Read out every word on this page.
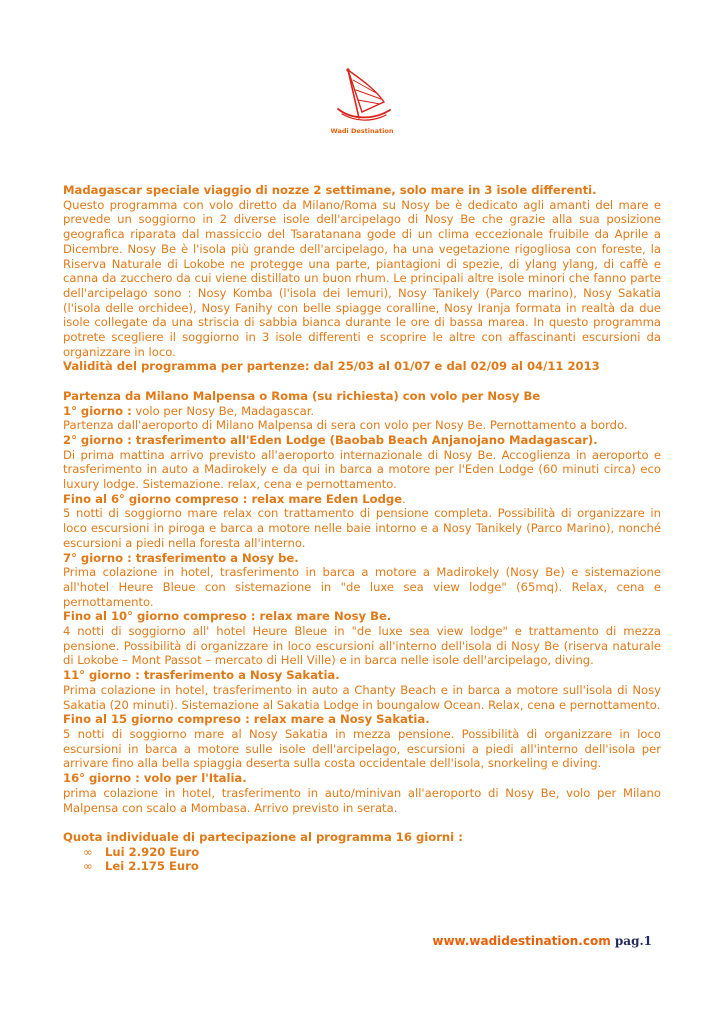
Wadi Destination

Madagascar speciale viaggio di nozze 2 settimane, solo mare in 3 isole differenti.

Questo programma con volo diretto da Milano/Roma su Nosy be è dedicato agli amanti del mare e prevede un soggiorno in 2 diverse isole dell'arcipelago di Nosy Be che grazie alla sua posizione geografica riparata dal massiccio del Tsaratanana gode di un clima eccezionale fruibile da Aprile a Dicembre. Nosy Be è l'isola più grande dell'arcipelago, ha una vegetazione rigogliosa con foreste, la Riserva Naturale di Lokobe ne protegge una parte, piantagioni di spezie, di ylang ylang, di caffè e canna da zucchero da cui viene distillato un buon rhum. Le principali altre isole minori che fanno parte dell'arcipelago sono : Nosy Komba (l'isola dei lemuri), Nosy Tanikely (Parco marino), Nosy Sakatia (l'isola delle orchidee), Nosy Fanihy con belle spiagge coralline, Nosy Iranja formata in realtà da due isole collegate da una striscia di sabbia bianca durante le ore di bassa marea. In questo programma potrete scegliere il soggiorno in 3 isole differenti e scoprire le altre con affascinanti escursioni da organizzare in loco.

Validità del programma per partenze: dal 25/03 al 01/07 e dal 02/09 al 04/11 2013

Partenza da Milano Malpensa o Roma (su richiesta) con volo per Nosy Be

1° giorno : volo per Nosy Be, Madagascar.

Partenza dall'aeroporto di Milano Malpensa di sera con volo per Nosy Be. Pernottamento a bordo.

2° giorno : trasferimento all'Eden Lodge (Baobab Beach Anjanojano Madagascar).

Di prima mattina arrivo previsto all'aeroporto internazionale di Nosy Be. Accoglienza in aeroporto e trasferimento in auto a Madirokely e da qui in barca a motore per l'Eden Lodge (60 minuti circa) eco luxury lodge. Sistemazione. relax, cena e pernottamento.

Fino al 6° giorno compreso : relax mare Eden Lodge.

5 notti di soggiorno mare relax con trattamento di pensione completa. Possibilità di organizzare in loco escursioni in piroga e barca a motore nelle baie intorno e a Nosy Tanikely (Parco Marino), nonché escursioni a piedi nella foresta all'interno.

7° giorno : trasferimento a Nosy be.

Prima colazione in hotel, trasferimento in barca a motore a Madirokely (Nosy Be) e sistemazione all'hotel Heure Bleue con sistemazione in "de luxe sea view lodge" (65mq). Relax, cena e pernottamento.

Fino al 10° giorno compreso : relax mare Nosy Be.

4 notti di soggiorno all' hotel Heure Bleue in "de luxe sea view lodge" e trattamento di mezza pensione. Possibilità di organizzare in loco escursioni all'interno dell'isola di Nosy Be (riserva naturale di Lokobe – Mont Passot – mercato di Hell Ville) e in barca nelle isole dell'arcipelago, diving.

11° giorno : trasferimento a Nosy Sakatia.

Prima colazione in hotel, trasferimento in auto a Chanty Beach e in barca a motore sull'isola di Nosy Sakatia (20 minuti). Sistemazione al Sakatia Lodge in boungalow Ocean. Relax, cena e pernottamento.

Fino al 15 giorno compreso : relax mare a Nosy Sakatia.

5 notti di soggiorno mare al Nosy Sakatia in mezza pensione. Possibilità di organizzare in loco escursioni in barca a motore sulle isole dell'arcipelago, escursioni a piedi all'interno dell'isola per arrivare fino alla bella spiaggia deserta sulla costa occidentale dell'isola, snorkeling e diving.

16° giorno : volo per l'Italia.

prima colazione in hotel, trasferimento in auto/minivan all'aeroporto di Nosy Be, volo per Milano Malpensa con scalo a Mombasa. Arrivo previsto in serata.

Quota individuale di partecipazione al programma 16 giorni :

∞ Lui 2.920 Euro
∞ Lei 2.175 Euro
www.wadidestination.com pag.1
